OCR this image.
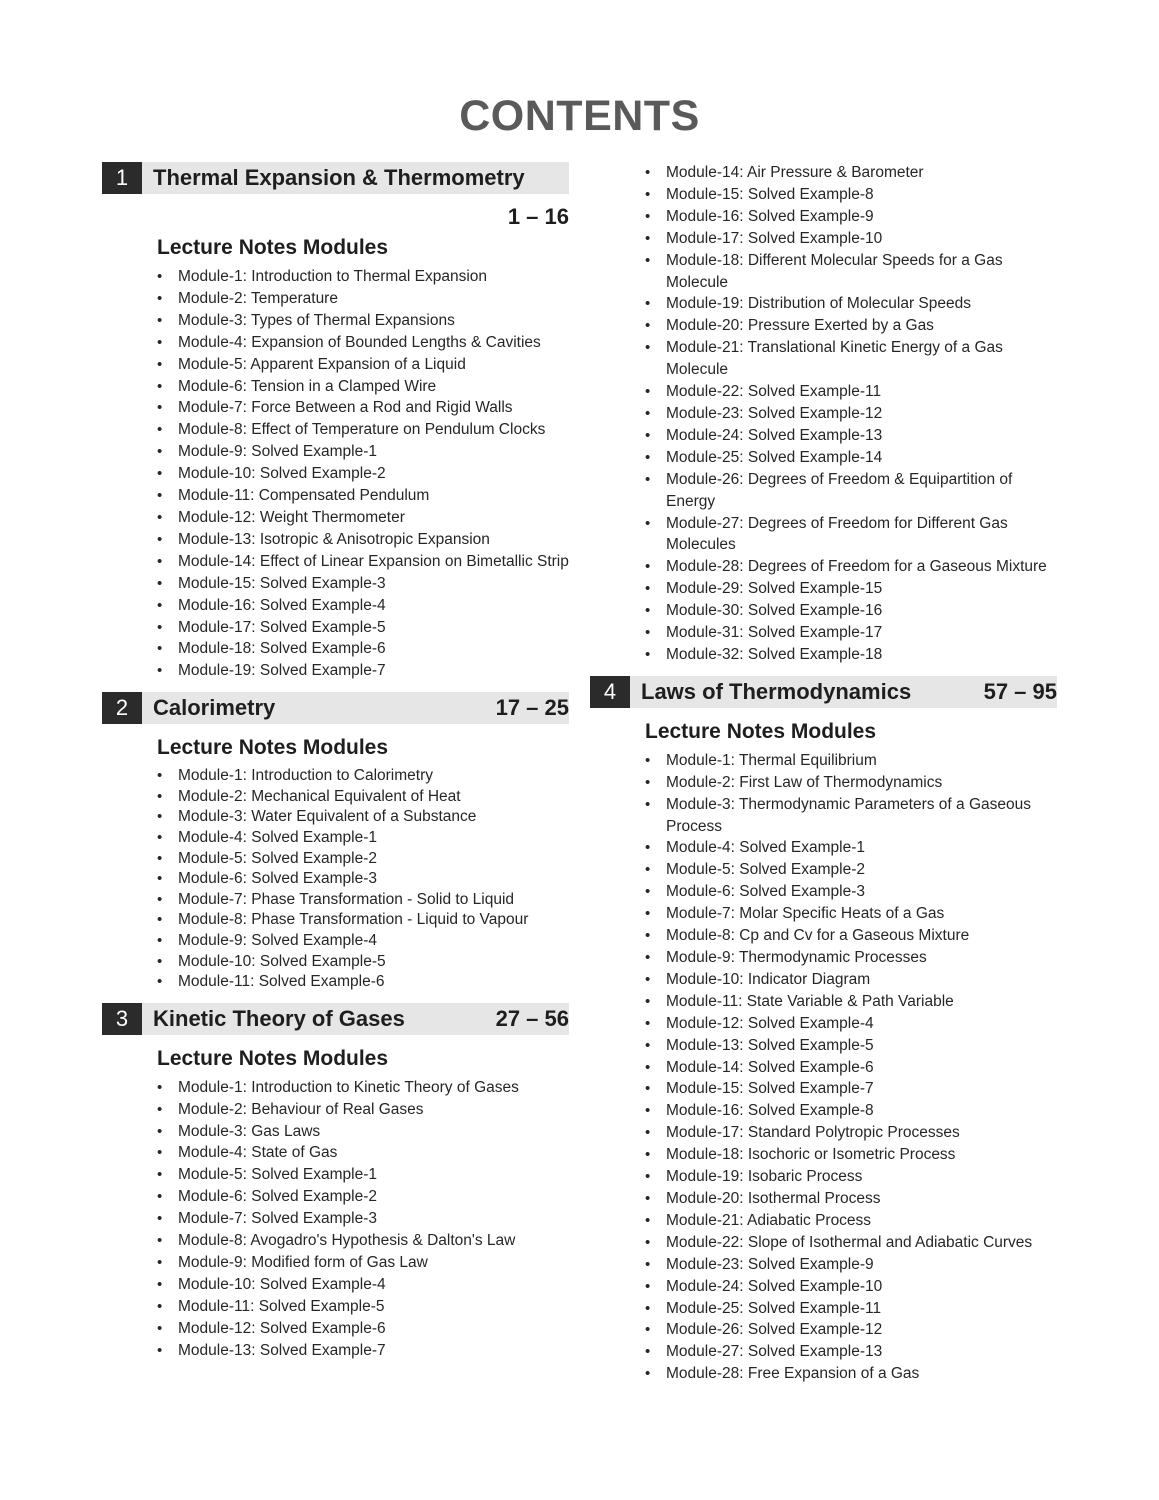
CONTENTS
1	Thermal Expansion & Thermometry
1 – 16
Lecture Notes Modules
• Module-1: Introduction to Thermal Expansion
• Module-2: Temperature
• Module-3: Types of Thermal Expansions
• Module-4: Expansion of Bounded Lengths & Cavities
• Module-5: Apparent Expansion of a Liquid
• Module-6: Tension in a Clamped Wire
• Module-7: Force Between a Rod and Rigid Walls
• Module-8: Effect of Temperature on Pendulum Clocks
• Module-9: Solved Example-1
• Module-10: Solved Example-2
• Module-11: Compensated Pendulum
• Module-12: Weight Thermometer
• Module-13: Isotropic & Anisotropic Expansion
• Module-14: Effect of Linear Expansion on Bimetallic Strip
• Module-15: Solved Example-3
• Module-16: Solved Example-4
• Module-17: Solved Example-5
• Module-18: Solved Example-6
• Module-19: Solved Example-7
2	Calorimetry	17 – 25
Lecture Notes Modules
• Module-1: Introduction to Calorimetry
• Module-2: Mechanical Equivalent of Heat
• Module-3: Water Equivalent of a Substance
• Module-4: Solved Example-1
• Module-5: Solved Example-2
• Module-6: Solved Example-3
• Module-7: Phase Transformation - Solid to Liquid
• Module-8: Phase Transformation - Liquid to Vapour
• Module-9: Solved Example-4
• Module-10: Solved Example-5
• Module-11: Solved Example-6
3	Kinetic Theory of Gases	27 – 56
Lecture Notes Modules
• Module-1: Introduction to Kinetic Theory of Gases
• Module-2: Behaviour of Real Gases
• Module-3: Gas Laws
• Module-4: State of Gas
• Module-5: Solved Example-1
• Module-6: Solved Example-2
• Module-7: Solved Example-3
• Module-8: Avogadro's Hypothesis & Dalton's Law
• Module-9: Modified form of Gas Law
• Module-10: Solved Example-4
• Module-11: Solved Example-5
• Module-12: Solved Example-6
• Module-13: Solved Example-7
• Module-14: Air Pressure & Barometer
• Module-15: Solved Example-8
• Module-16: Solved Example-9
• Module-17: Solved Example-10
• Module-18: Different Molecular Speeds for a Gas Molecule
• Module-19: Distribution of Molecular Speeds
• Module-20: Pressure Exerted by a Gas
• Module-21: Translational Kinetic Energy of a Gas Molecule
• Module-22: Solved Example-11
• Module-23: Solved Example-12
• Module-24: Solved Example-13
• Module-25: Solved Example-14
• Module-26: Degrees of Freedom & Equipartition of Energy
• Module-27: Degrees of Freedom for Different Gas Molecules
• Module-28: Degrees of Freedom for a Gaseous Mixture
• Module-29: Solved Example-15
• Module-30: Solved Example-16
• Module-31: Solved Example-17
• Module-32: Solved Example-18
4	Laws of Thermodynamics	57 – 95
Lecture Notes Modules
• Module-1: Thermal Equilibrium
• Module-2: First Law of Thermodynamics
• Module-3: Thermodynamic Parameters of a Gaseous Process
• Module-4: Solved Example-1
• Module-5: Solved Example-2
• Module-6: Solved Example-3
• Module-7: Molar Specific Heats of a Gas
• Module-8: Cp and Cv for a Gaseous Mixture
• Module-9: Thermodynamic Processes
• Module-10: Indicator Diagram
• Module-11: State Variable & Path Variable
• Module-12: Solved Example-4
• Module-13: Solved Example-5
• Module-14: Solved Example-6
• Module-15: Solved Example-7
• Module-16: Solved Example-8
• Module-17: Standard Polytropic Processes
• Module-18: Isochoric or Isometric Process
• Module-19: Isobaric Process
• Module-20: Isothermal Process
• Module-21: Adiabatic Process
• Module-22: Slope of Isothermal and Adiabatic Curves
• Module-23: Solved Example-9
• Module-24: Solved Example-10
• Module-25: Solved Example-11
• Module-26: Solved Example-12
• Module-27: Solved Example-13
• Module-28: Free Expansion of a Gas
